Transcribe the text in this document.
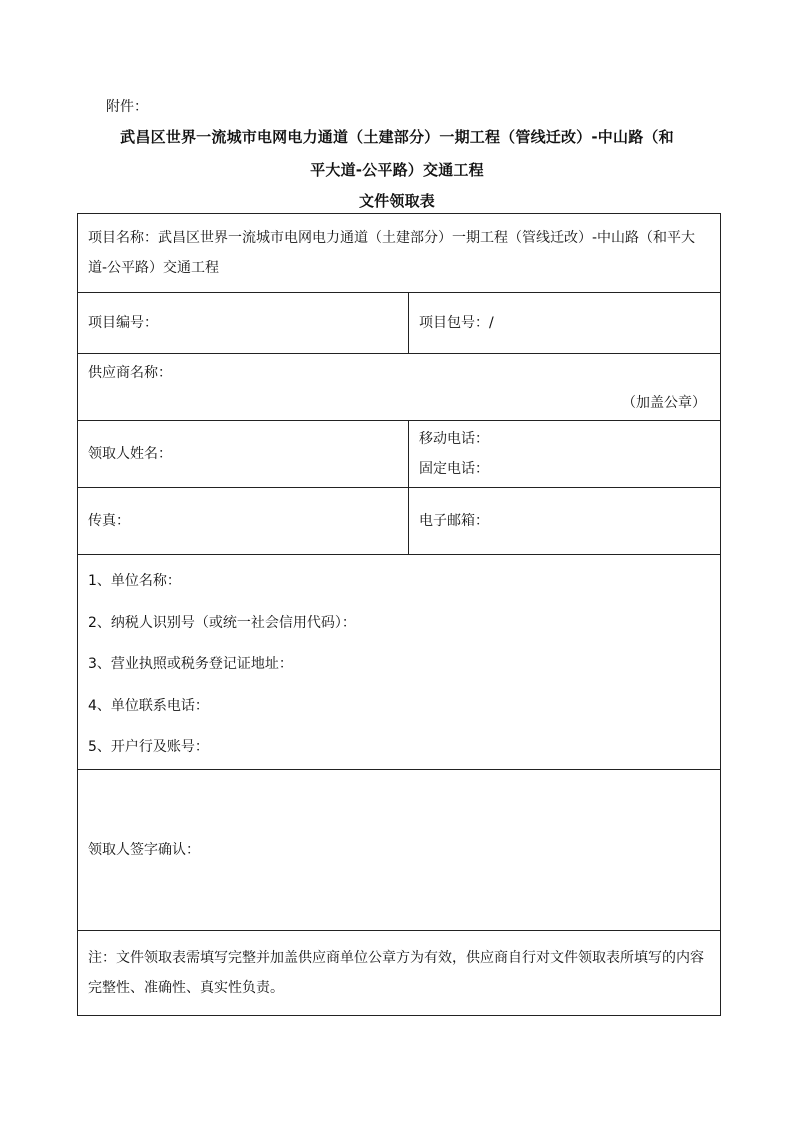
附件：
武昌区世界一流城市电网电力通道（土建部分）一期工程（管线迁改）-中山路（和
平大道-公平路）交通工程
文件领取表
项目名称：武昌区世界一流城市电网电力通道（土建部分）一期工程（管线迁改）-中山路（和平大道-公平路）交通工程	
项目编号：	项目包号：/

供应商名称：
（加盖公章）	

领取人姓名：	移动电话：
固定电话：

传真：	电子邮箱：

1、单位名称：
2、纳税人识别号（或统一社会信用代码）：
3、营业执照或税务登记证地址：
4、单位联系电话：
5、开户行及账号：	

领取人签字确认：	
注：文件领取表需填写完整并加盖供应商单位公章方为有效，供应商自行对文件领取表所填写的内容完整性、准确性、真实性负责。	
